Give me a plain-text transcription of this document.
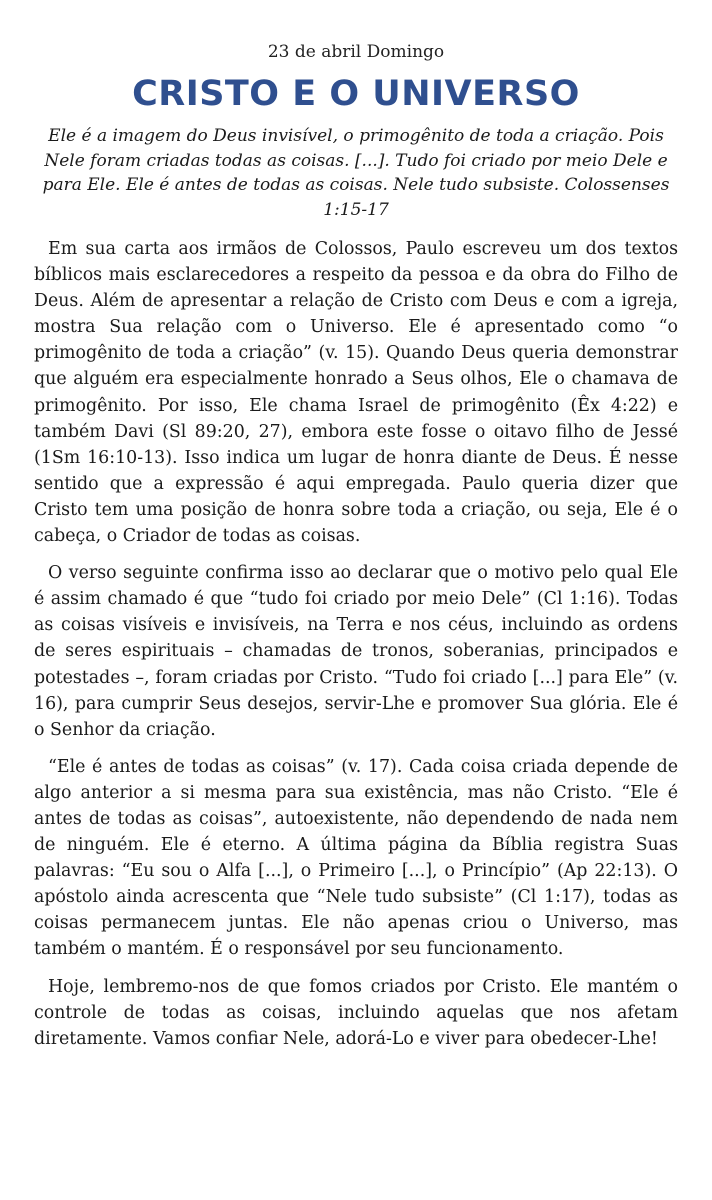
23 de abril Domingo
CRISTO E O UNIVERSO
Ele é a imagem do Deus invisível, o primogênito de toda a criação. Pois Nele foram criadas todas as coisas. [...]. Tudo foi criado por meio Dele e para Ele. Ele é antes de todas as coisas. Nele tudo subsiste. Colossenses 1:15-17

Em sua carta aos irmãos de Colossos, Paulo escreveu um dos textos bíblicos mais esclarecedores a respeito da pessoa e da obra do Filho de Deus. Além de apresentar a relação de Cristo com Deus e com a igreja, mostra Sua relação com o Universo. Ele é apresentado como “o primogênito de toda a criação” (v. 15). Quando Deus queria demonstrar que alguém era especialmente honrado a Seus olhos, Ele o chamava de primogênito. Por isso, Ele chama Israel de primogênito (Êx 4:22) e também Davi (Sl 89:20, 27), embora este fosse o oitavo filho de Jessé (1Sm 16:10-13). Isso indica um lugar de honra diante de Deus. É nesse sentido que a expressão é aqui empregada. Paulo queria dizer que Cristo tem uma posição de honra sobre toda a criação, ou seja, Ele é o cabeça, o Criador de todas as coisas.

O verso seguinte confirma isso ao declarar que o motivo pelo qual Ele é assim chamado é que “tudo foi criado por meio Dele” (Cl 1:16). Todas as coisas visíveis e invisíveis, na Terra e nos céus, incluindo as ordens de seres espirituais – chamadas de tronos, soberanias, principados e potestades –, foram criadas por Cristo. “Tudo foi criado [...] para Ele” (v. 16), para cumprir Seus desejos, servir-Lhe e promover Sua glória. Ele é o Senhor da criação.

“Ele é antes de todas as coisas” (v. 17). Cada coisa criada depende de algo anterior a si mesma para sua existência, mas não Cristo. “Ele é antes de todas as coisas”, autoexistente, não dependendo de nada nem de ninguém. Ele é eterno. A última página da Bíblia registra Suas palavras: “Eu sou o Alfa [...], o Primeiro [...], o Princípio” (Ap 22:13). O apóstolo ainda acrescenta que “Nele tudo subsiste” (Cl 1:17), todas as coisas permanecem juntas. Ele não apenas criou o Universo, mas também o mantém. É o responsável por seu funcionamento.

Hoje, lembremo-nos de que fomos criados por Cristo. Ele mantém o controle de todas as coisas, incluindo aquelas que nos afetam diretamente. Vamos confiar Nele, adorá-Lo e viver para obedecer-Lhe!
